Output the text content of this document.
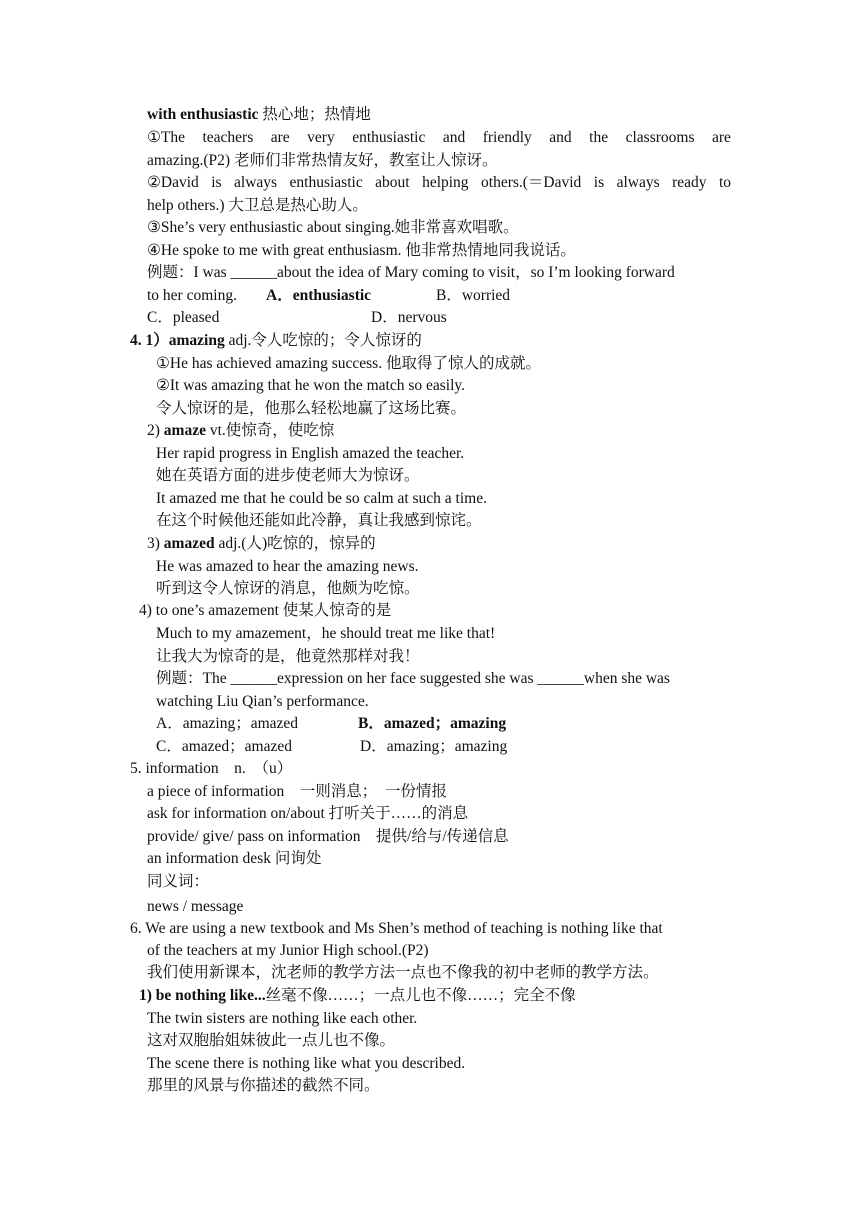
with enthusiastic 热心地；热情地
①The teachers are very enthusiastic and friendly and the classrooms are
amazing.(P2) 老师们非常热情友好，教室让人惊讶。
②David is always enthusiastic about helping others.(＝David is always ready to
help others.) 大卫总是热心助人。
③She’s very enthusiastic about singing.她非常喜欢唱歌。
④He spoke to me with great enthusiasm. 他非常热情地同我说话。
例题：I was ______about the idea of Mary coming to visit，so I’m looking forward
to her coming. A．enthusiastic	B．worried
C．pleased	D．nervous
4. 1）amazing adj.令人吃惊的；令人惊讶的
①He has achieved amazing success. 他取得了惊人的成就。
②It was amazing that he won the match so easily.
令人惊讶的是，他那么轻松地赢了这场比赛。
2) amaze vt.使惊奇，使吃惊
Her rapid progress in English amazed the teacher.
她在英语方面的进步使老师大为惊讶。
It amazed me that he could be so calm at such a time.
在这个时候他还能如此冷静，真让我感到惊诧。
3) amazed adj.(人)吃惊的，惊异的
He was amazed to hear the amazing news.
听到这令人惊讶的消息，他颇为吃惊。
4) to one’s amazement 使某人惊奇的是
Much to my amazement，he should treat me like that!
让我大为惊奇的是，他竟然那样对我！
例题：The ______expression on her face suggested she was ______when she was
watching Liu Qian’s performance.
A．amazing；amazed	B．amazed；amazing
C．amazed；amazed	D．amazing；amazing
5. information　n.　（u）
a piece of information　一则消息；　一份情报
ask for information on/about 打听关于……的消息
provide/ give/ pass on information　提供/给与/传递信息
an information desk 问询处
同义词：
news / message
6. We are using a new textbook and Ms Shen’s method of teaching is nothing like that
of the teachers at my Junior High school.(P2)
我们使用新课本，沈老师的教学方法一点也不像我的初中老师的教学方法。
1) be nothing like...丝毫不像……；一点儿也不像……；完全不像
The twin sisters are nothing like each other.
这对双胞胎姐妹彼此一点儿也不像。
The scene there is nothing like what you described.
那里的风景与你描述的截然不同。
